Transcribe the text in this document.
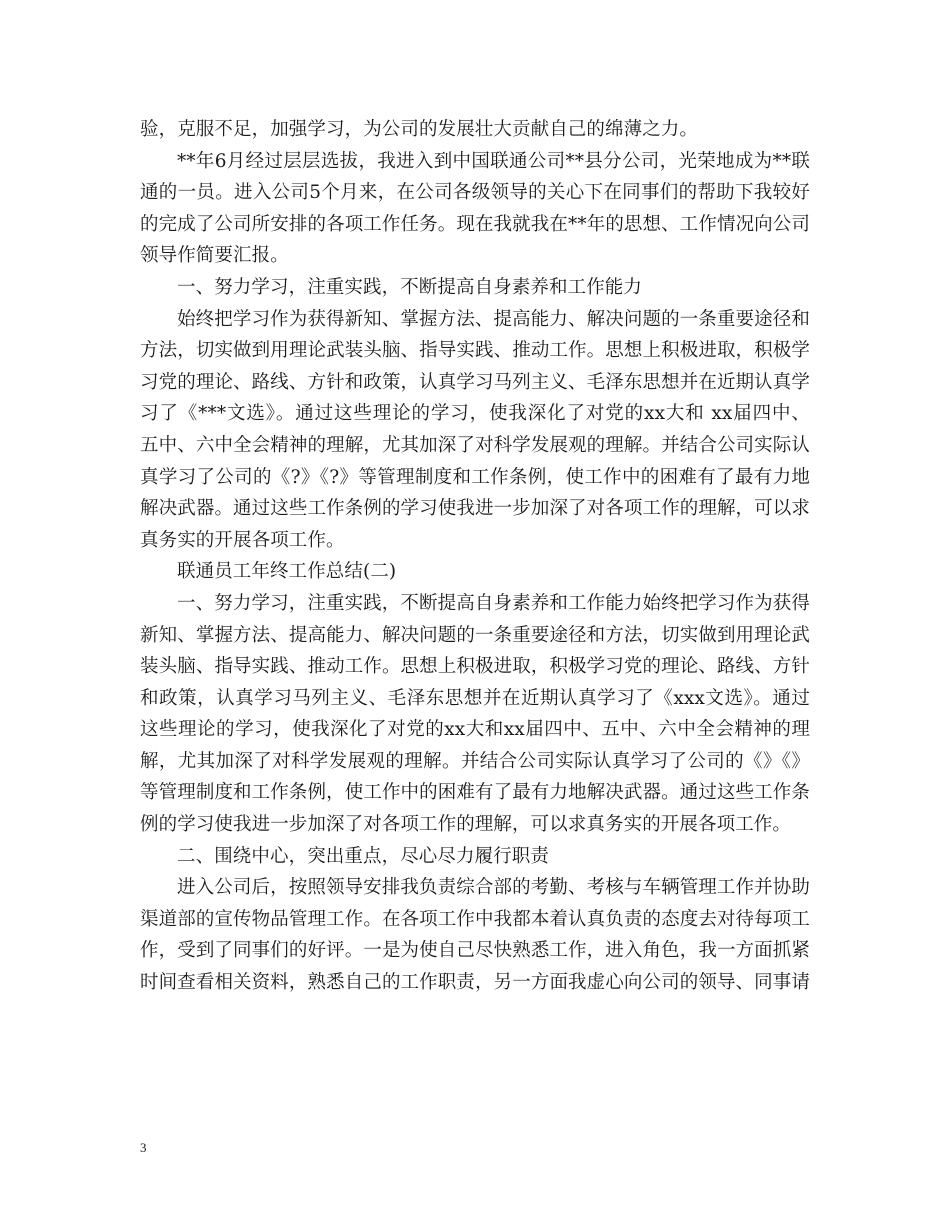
验，克服不足，加强学习，为公司的发展壮大贡献自己的绵薄之力。
**年6月经过层层选拔，我进入到中国联通公司**县分公司，光荣地成为**联
通的一员。进入公司5个月来，在公司各级领导的关心下在同事们的帮助下我较好
的完成了公司所安排的各项工作任务。现在我就我在**年的思想、工作情况向公司
领导作简要汇报。
一、努力学习，注重实践，不断提高自身素养和工作能力
始终把学习作为获得新知、掌握方法、提高能力、解决问题的一条重要途径和
方法，切实做到用理论武装头脑、指导实践、推动工作。思想上积极进取，积极学
习党的理论、路线、方针和政策，认真学习马列主义、毛泽东思想并在近期认真学
习了《***文选》。通过这些理论的学习，使我深化了对党的xx大和 xx届四中、
五中、六中全会精神的理解，尤其加深了对科学发展观的理解。并结合公司实际认
真学习了公司的《?》《?》等管理制度和工作条例，使工作中的困难有了最有力地
解决武器。通过这些工作条例的学习使我进一步加深了对各项工作的理解，可以求
真务实的开展各项工作。
联通员工年终工作总结(二)
一、努力学习，注重实践，不断提高自身素养和工作能力始终把学习作为获得
新知、掌握方法、提高能力、解决问题的一条重要途径和方法，切实做到用理论武
装头脑、指导实践、推动工作。思想上积极进取，积极学习党的理论、路线、方针
和政策，认真学习马列主义、毛泽东思想并在近期认真学习了《xxx文选》。通过
这些理论的学习，使我深化了对党的xx大和xx届四中、五中、六中全会精神的理
解，尤其加深了对科学发展观的理解。并结合公司实际认真学习了公司的《》《》
等管理制度和工作条例，使工作中的困难有了最有力地解决武器。通过这些工作条
例的学习使我进一步加深了对各项工作的理解，可以求真务实的开展各项工作。
二、围绕中心，突出重点，尽心尽力履行职责
进入公司后，按照领导安排我负责综合部的考勤、考核与车辆管理工作并协助
渠道部的宣传物品管理工作。在各项工作中我都本着认真负责的态度去对待每项工
作，受到了同事们的好评。一是为使自己尽快熟悉工作，进入角色，我一方面抓紧
时间查看相关资料，熟悉自己的工作职责，另一方面我虚心向公司的领导、同事请
3
